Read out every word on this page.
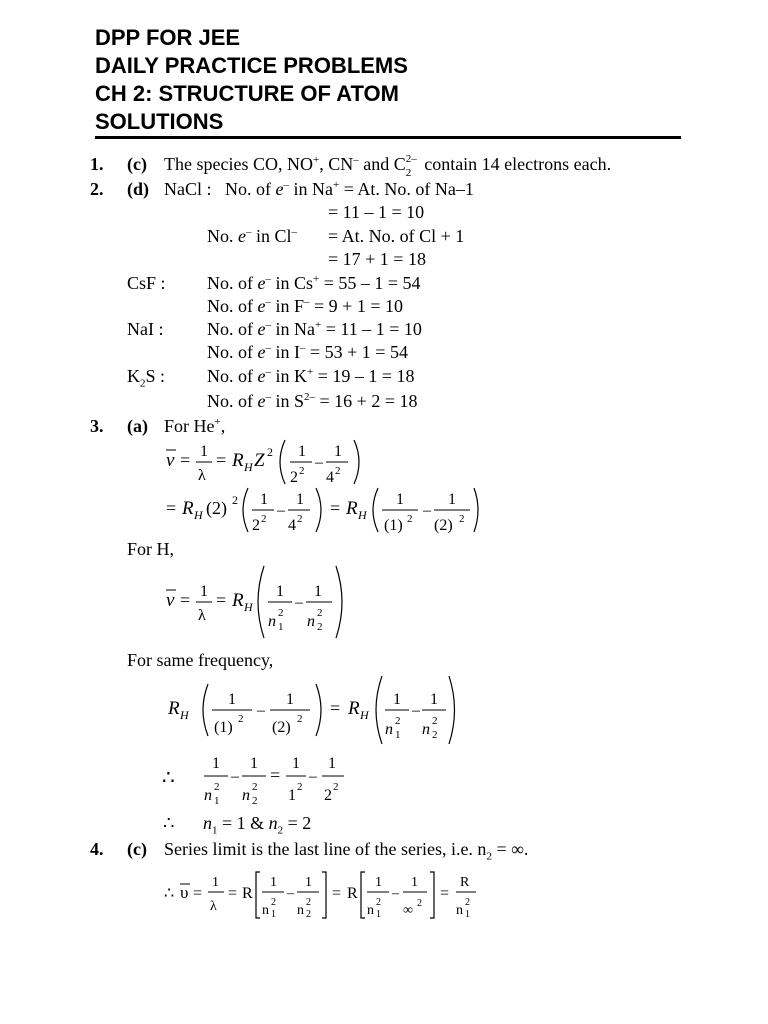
DPP FOR JEE
DAILY PRACTICE PROBLEMS
CH 2: STRUCTURE OF ATOM
SOLUTIONS
1. (c) The species CO, NO+, CN– and C 2–
2 contain 14 electrons each.
2. (d) NaCl : No. of e– in Na+ = At. No. of Na–1
= 11 – 1 = 10
No. e– in Cl– = At. No. of Cl + 1
= 17 + 1 = 18
CsF : No. of e– in Cs+ = 55 – 1 = 54
No. of e– in F– = 9 + 1 = 10
NaI : No. of e– in Na+ = 11 – 1 = 10
No. of e– in I– = 53 + 1 = 54
$K_2S$ : No. of e– in K+ = 19 – 1 = 18
No. of e– in $S^{2-} = 16 + 2 = 18$
3. (a) For He+,
v = 1
λ
= R H Z 2 1
2 2 –
1
4 2
= R H (2) 2 1
2 2 –
1
4 2
= R H
1
(1) 2 –
1
(2) 2
For H,
v = 1
λ
= R H
1
n 2
1
–
1
n 2
2
For same frequency,
R H
1
(1) 2 –
1
(2) 2
= R H
1
n 2
1
–
1
n 2
2
∴
1
n 2
1
–
1
n 2
2
=
1
1 2
–
1
2 2
∴ $n_1 = 1$ & $n_2 = 2$
4. (c) Series limit is the last line of the series, i.e. $n_2$ = ∞.
∴ υ =
1
λ
= R
1
n
2
1
–
1
n
2
2
= R
1
n
2
1
–
1
∞ 2
=
R
n
2
1
